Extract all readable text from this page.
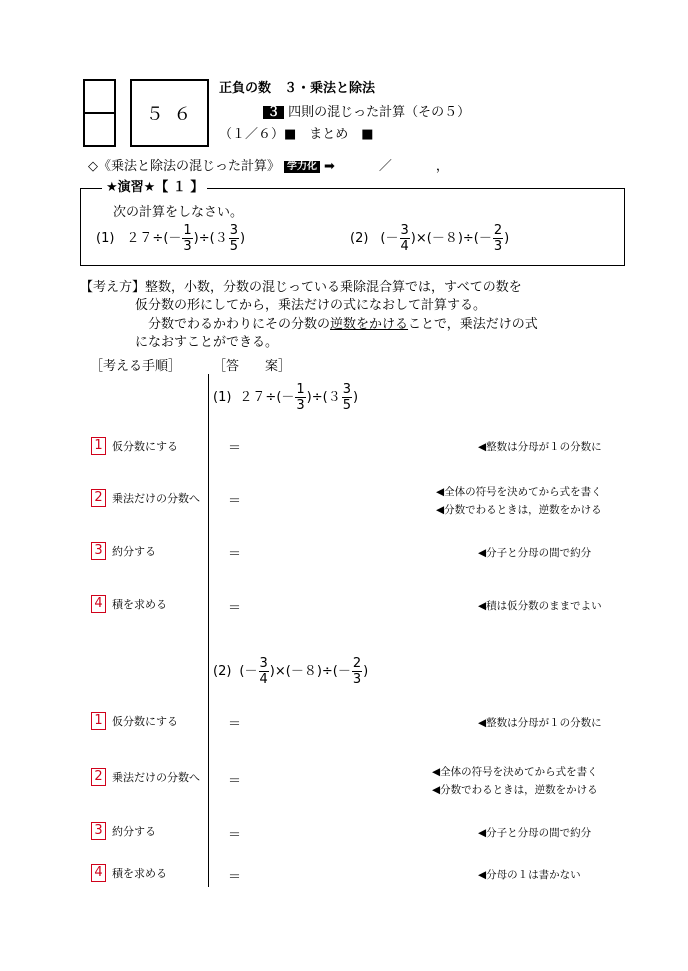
５ ６
正負の数　３・乗法と除法
３ 四則の混じった計算（その５）
（１／６）■　まとめ　■
◇《乗法と除法の混じった計算》 学力化 ➡	／　　，
★演習★【 １ 】
次の計算をしなさい。
(1) $27\div(- \frac{1}{3} )\div(3 \frac{3}{5}$ )	(2) (－ $\frac{3}{4} )\times(-8)\div(- \frac{2}{3}$ )
【考え方】整数，小数，分数の混じっている乗除混合算では，すべての数を
仮分数の形にしてから，乗法だけの式になおして計算する。
分数でわるかわりにその分数の逆数をかけることで，乗法だけの式
になおすことができる。
［考える手順］ ［答　　案］
(1) $27\div(- \frac{1}{3} )\div(3 \frac{3}{5}$ )
1 仮分数にする
2 乗法だけの分数へ
3 約分する
4 積を求める
＝
＝
＝
＝
◀整数は分母が１の分数に
◀全体の符号を決めてから式を書く
◀分数でわるときは，逆数をかける
◀分子と分母の間で約分
◀積は仮分数のままでよい
(2) (－ $\frac{3}{4} )\times(-8)\div(- \frac{2}{3}$ )
1 仮分数にする
2 乗法だけの分数へ
3 約分する
4 積を求める
＝
＝
＝
＝
◀整数は分母が１の分数に
◀全体の符号を決めてから式を書く
◀分数でわるときは，逆数をかける
◀分子と分母の間で約分
◀分母の１は書かない
